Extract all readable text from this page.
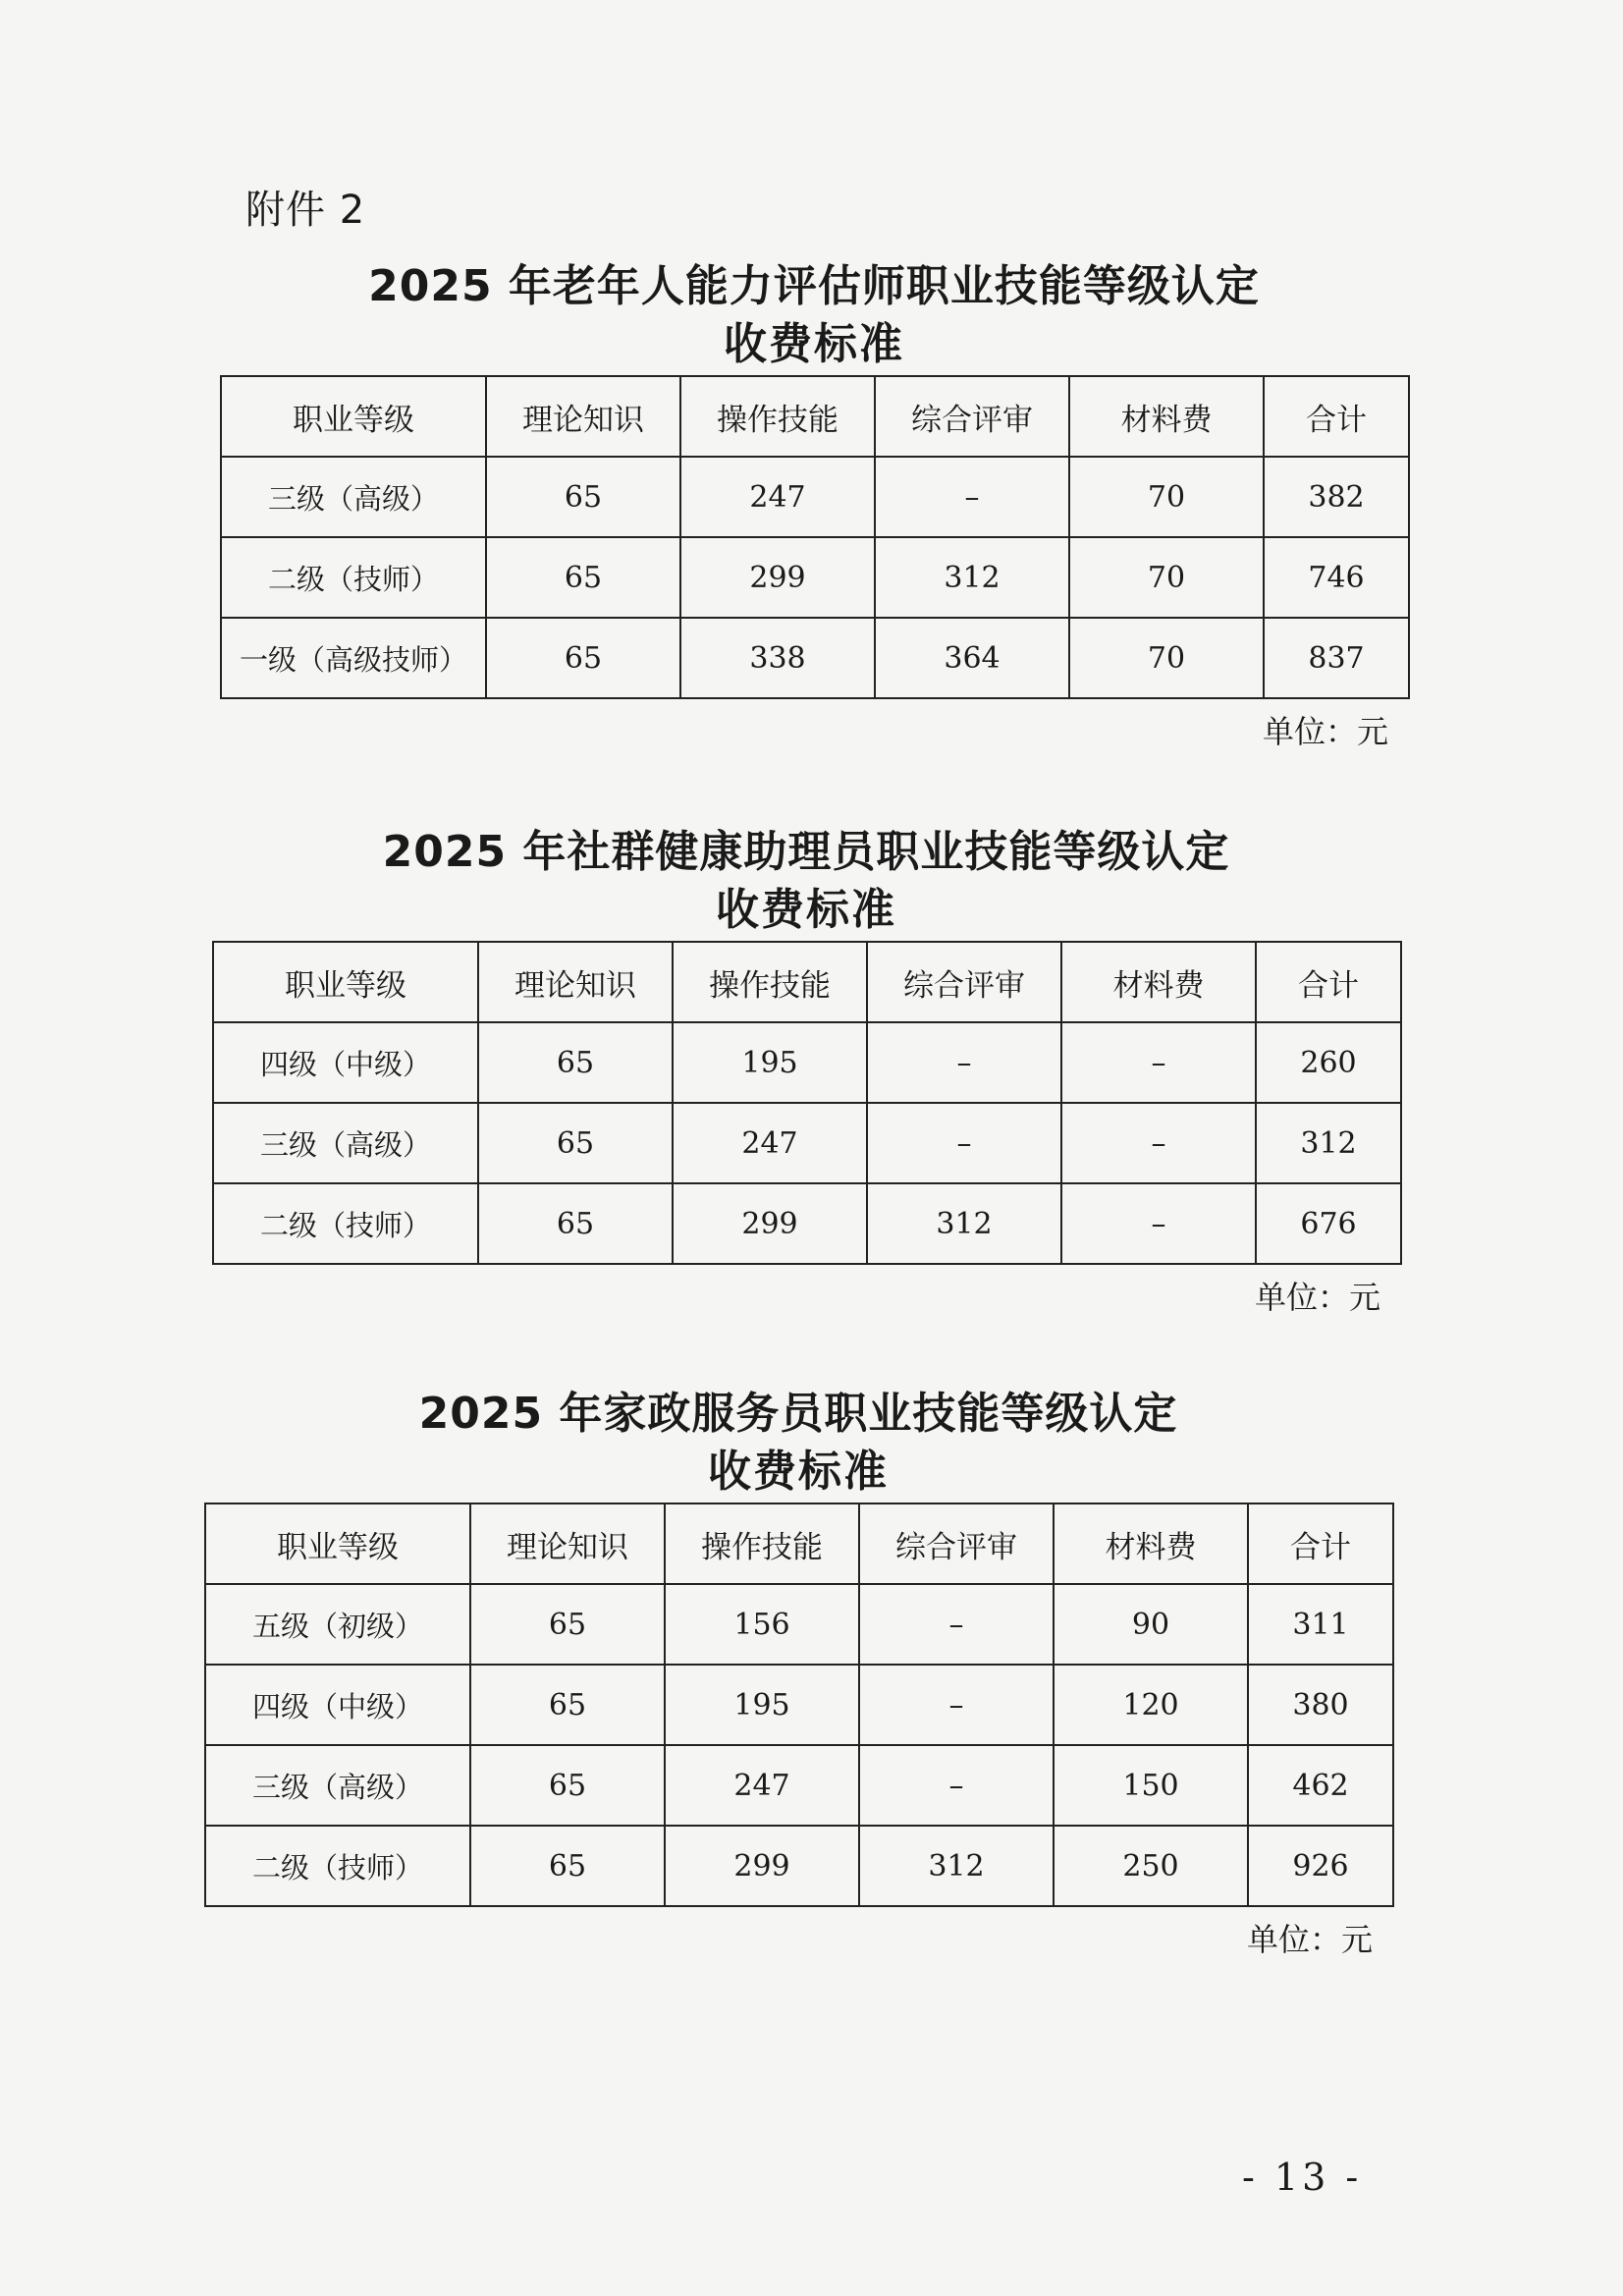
附件 2
2025 年老年人能力评估师职业技能等级认定
收费标准
职业等级	理论知识	操作技能	综合评审	材料费	合计
三级（高级）	65	247	–	70	382
二级（技师）	65	299	312	70	746
一级（高级技师）	65	338	364	70	837
单位：元
2025 年社群健康助理员职业技能等级认定
收费标准
职业等级	理论知识	操作技能	综合评审	材料费	合计
四级（中级）	65	195	–	–	260
三级（高级）	65	247	–	–	312
二级（技师）	65	299	312	–	676
单位：元
2025 年家政服务员职业技能等级认定
收费标准
职业等级	理论知识	操作技能	综合评审	材料费	合计
五级（初级）	65	156	–	90	311
四级（中级）	65	195	–	120	380
三级（高级）	65	247	–	150	462
二级（技师）	65	299	312	250	926
单位：元
- 13 -
